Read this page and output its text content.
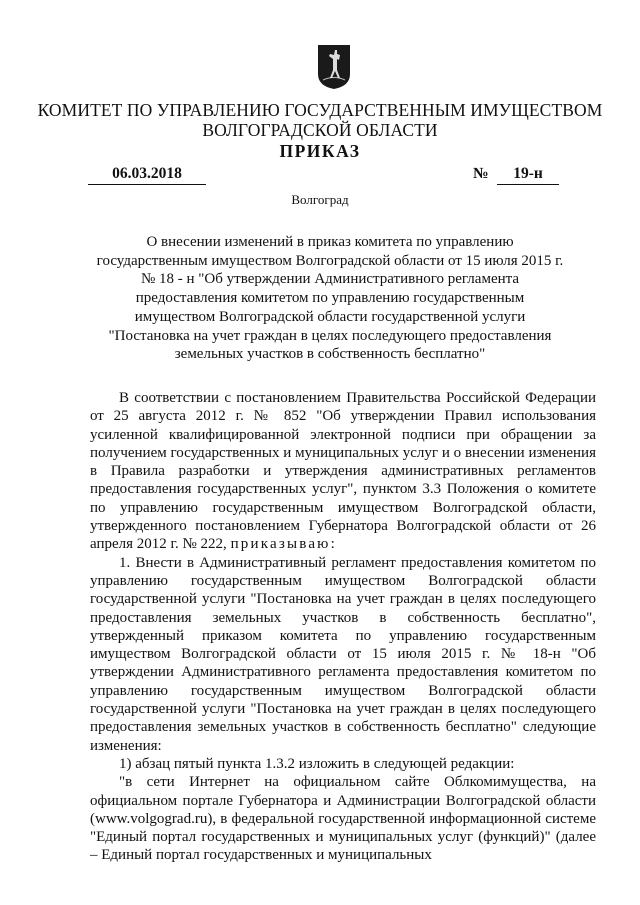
КОМИТЕТ ПО УПРАВЛЕНИЮ ГОСУДАРСТВЕННЫМ ИМУЩЕСТВОМ
ВОЛГОГРАДСКОЙ ОБЛАСТИ
ПРИКАЗ
06.03.2018	№	19-н
Волгоград
О внесении изменений в приказ комитета по управлению государственным имуществом Волгоградской области от 15 июля 2015 г. № 18 - н "Об утверждении Административного регламента предоставления комитетом по управлению государственным имуществом Волгоградской области государственной услуги "Постановка на учет граждан в целях последующего предоставления земельных участков в собственность бесплатно"

В соответствии с постановлением Правительства Российской Федерации от 25 августа 2012 г. № 852 "Об утверждении Правил использования усиленной квалифицированной электронной подписи при обращении за получением государственных и муниципальных услуг и о внесении изменения в Правила разработки и утверждения административных регламентов предоставления государственных услуг", пунктом 3.3 Положения о комитете по управлению государственным имуществом Волгоградской области, утвержденного постановлением Губернатора Волгоградской области от 26 апреля 2012 г. № 222, приказываю:

1. Внести в Административный регламент предоставления комитетом по управлению государственным имуществом Волгоградской области государственной услуги "Постановка на учет граждан в целях последующего предоставления земельных участков в собственность бесплатно", утвержденный приказом комитета по управлению государственным имуществом Волгоградской области от 15 июля 2015 г. № 18-н "Об утверждении Административного регламента предоставления комитетом по управлению государственным имуществом Волгоградской области государственной услуги "Постановка на учет граждан в целях последующего предоставления земельных участков в собственность бесплатно" следующие изменения:

1) абзац пятый пункта 1.3.2 изложить в следующей редакции:

"в сети Интернет на официальном сайте Облкомимущества, на официальном портале Губернатора и Администрации Волгоградской области (www.volgograd.ru), в федеральной государственной информационной системе "Единый портал государственных и муниципальных услуг (функций)" (далее – Единый портал государственных и муниципальных
